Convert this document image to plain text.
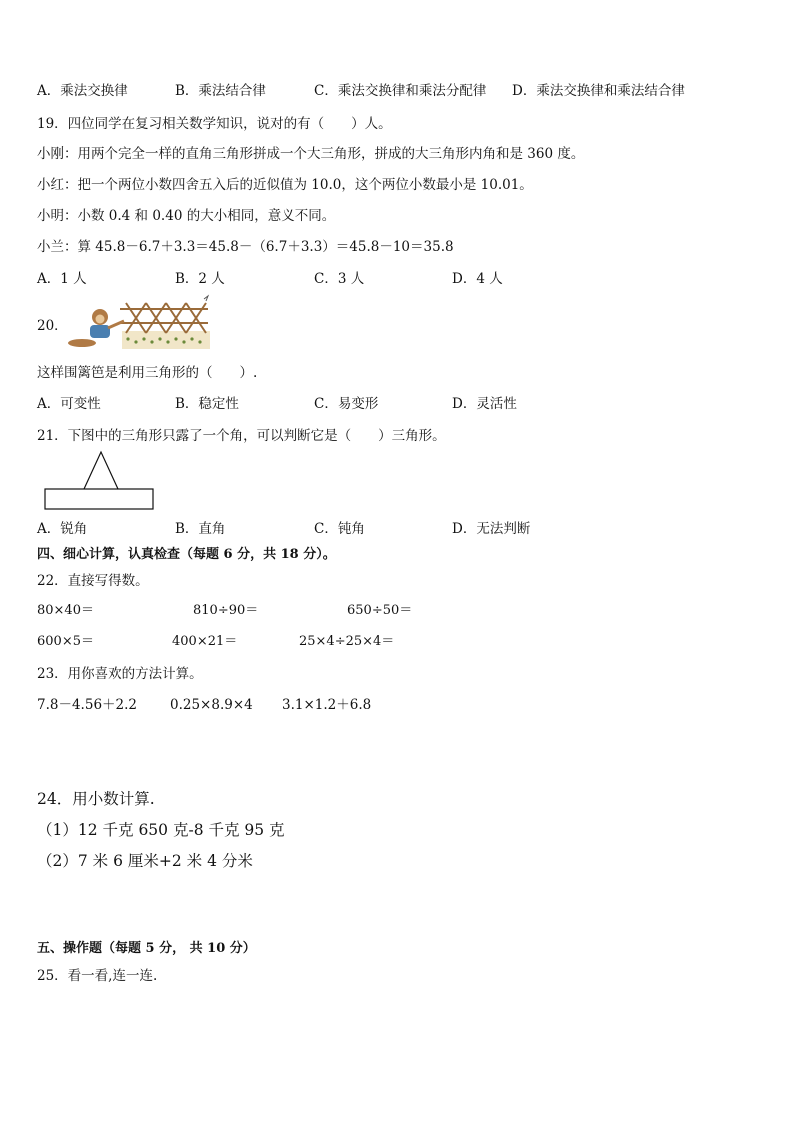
A．乘法交换律	B．乘法结合律	C．乘法交换律和乘法分配律 D．乘法交换律和乘法结合律
19．四位同学在复习相关数学知识，说对的有（　　）人。
小刚：用两个完全一样的直角三角形拼成一个大三角形，拼成的大三角形内角和是 360 度。
小红：把一个两位小数四舍五入后的近似值为 10.0，这个两位小数最小是 10.01。
小明：小数 0.4 和 0.40 的大小相同，意义不同。
小兰：算 45.8－6.7＋3.3＝45.8－（6.7＋3.3）＝45.8－10＝35.8
A．1 人	B．2 人	C．3 人	D．4 人
20．
这样围篱笆是利用三角形的（　　）.
A．可变性	B．稳定性	C．易变形	D．灵活性
21．下图中的三角形只露了一个角，可以判断它是（　　）三角形。
A．锐角	B．直角	C．钝角	D．无法判断
四、细心计算，认真检查（每题 6 分，共 18 分）。
22．直接写得数。
80×40＝	810÷90＝	650÷50＝
600×5＝	400×21＝	25×4÷25×4＝
23．用你喜欢的方法计算。
7.8－4.56＋2.2 0.25×8.9×4 3.1×1.2＋6.8
24．用小数计算.
（1）12 千克 650 克-8 千克 95 克
（2）7 米 6 厘米+2 米 4 分米
五、操作题（每题 5 分， 共 10 分）
25．看一看,连一连.
